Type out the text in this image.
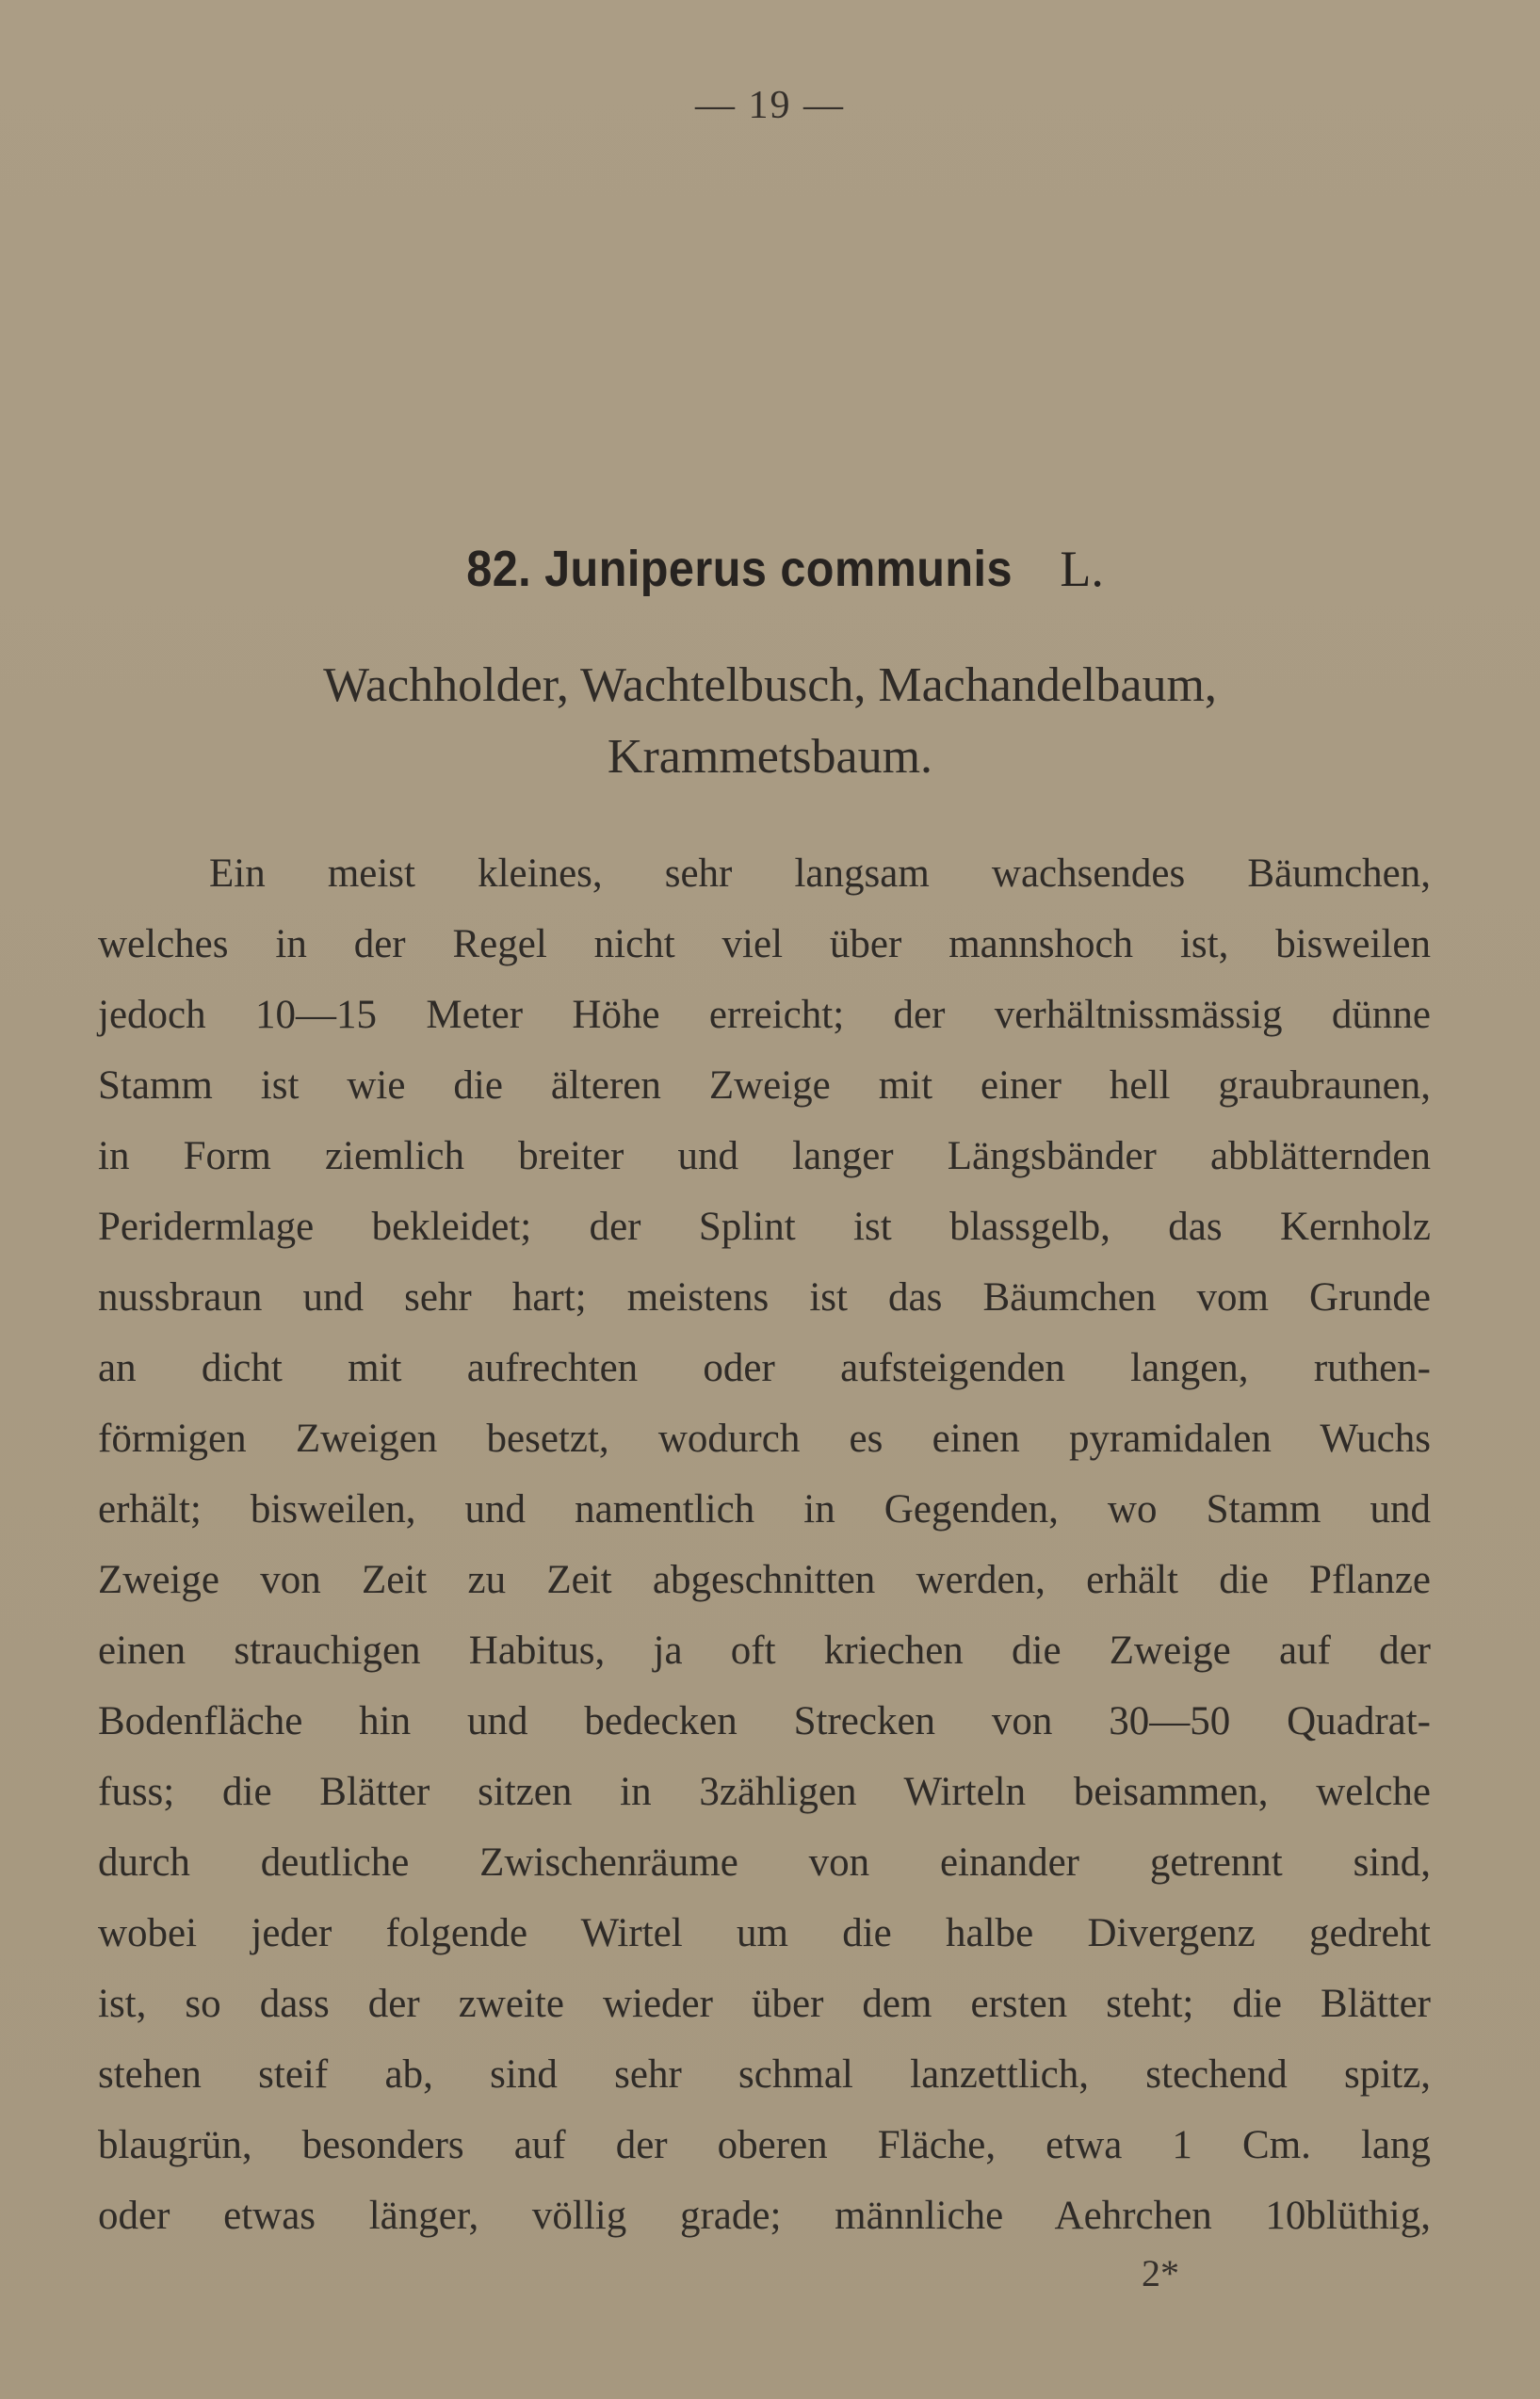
— 19 —
82. Juniperus communis L.
Wachholder, Wachtelbusch, Machandelbaum,
Krammetsbaum.
Ein meist kleines, sehr langsam wachsendes Bäumchen,
welches in der Regel nicht viel über mannshoch ist, bisweilen
jedoch 10—15 Meter Höhe erreicht; der verhältnissmässig dünne
Stamm ist wie die älteren Zweige mit einer hell graubraunen,
in Form ziemlich breiter und langer Längsbänder abblätternden
Peridermlage bekleidet; der Splint ist blassgelb, das Kernholz
nussbraun und sehr hart; meistens ist das Bäumchen vom Grunde
an dicht mit aufrechten oder aufsteigenden langen, ruthen-
förmigen Zweigen besetzt, wodurch es einen pyramidalen Wuchs
erhält; bisweilen, und namentlich in Gegenden, wo Stamm und
Zweige von Zeit zu Zeit abgeschnitten werden, erhält die Pflanze
einen strauchigen Habitus, ja oft kriechen die Zweige auf der
Bodenfläche hin und bedecken Strecken von 30—50 Quadrat-
fuss; die Blätter sitzen in 3zähligen Wirteln beisammen, welche
durch deutliche Zwischenräume von einander getrennt sind,
wobei jeder folgende Wirtel um die halbe Divergenz gedreht
ist, so dass der zweite wieder über dem ersten steht; die Blätter
stehen steif ab, sind sehr schmal lanzettlich, stechend spitz,
blaugrün, besonders auf der oberen Fläche, etwa 1 Cm. lang
oder etwas länger, völlig grade; männliche Aehrchen 10blüthig,
2*
